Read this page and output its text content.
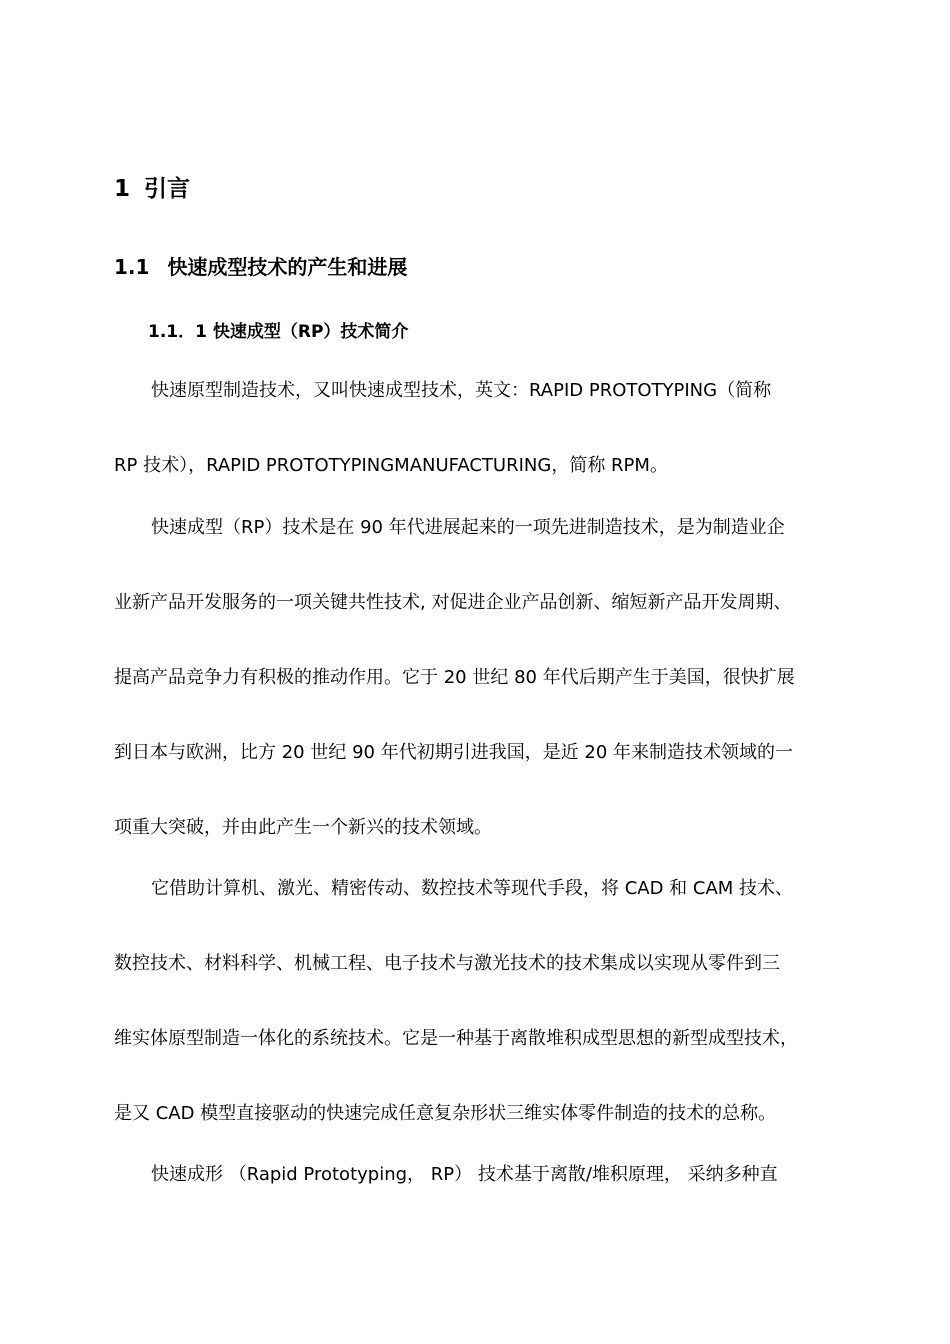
1 引言
1.1 快速成型技术的产生和进展
1.1．1 快速成型（RP）技术简介
快速原型制造技术，又叫快速成型技术，英文：RAPID PROTOTYPING（简称
RP 技术），RAPID PROTOTYPINGMANUFACTURING，简称 RPM。
快速成型（RP）技术是在 90 年代进展起来的一项先进制造技术，是为制造业企
业新产品开发服务的一项关键共性技术, 对促进企业产品创新、缩短新产品开发周期、
提高产品竞争力有积极的推动作用。它于 20 世纪 80 年代后期产生于美国，很快扩展
到日本与欧洲，比方 20 世纪 90 年代初期引进我国，是近 20 年来制造技术领域的一
项重大突破，并由此产生一个新兴的技术领域。
它借助计算机、激光、精密传动、数控技术等现代手段，将 CAD 和 CAM 技术、
数控技术、材料科学、机械工程、电子技术与激光技术的技术集成以实现从零件到三
维实体原型制造一体化的系统技术。它是一种基于离散堆积成型思想的新型成型技术，
是又 CAD 模型直接驱动的快速完成任意复杂形状三维实体零件制造的技术的总称。
快速成形 （Rapid Prototyping， RP） 技术基于离散/堆积原理， 采纳多种直
